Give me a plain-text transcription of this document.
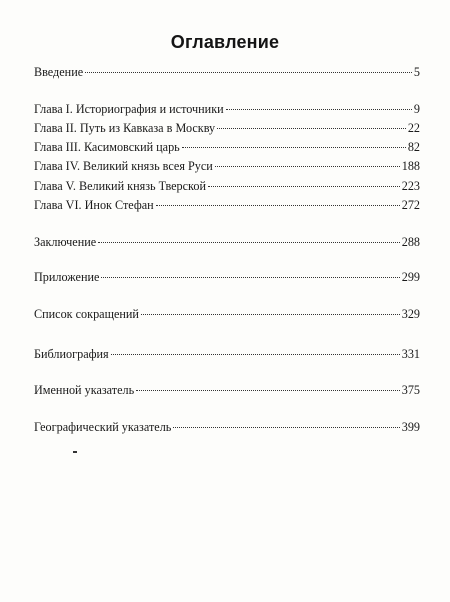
Оглавление
Введение	5
Глава I. Историография и источники	9
Глава II. Путь из Кавказа в Москву	22
Глава III. Касимовский царь	82
Глава IV. Великий князь всея Руси	188
Глава V. Великий князь Тверской	223
Глава VI. Инок Стефан	272
Заключение	288
Приложение	299
Список сокращений	329
Библиография	331
Именной указатель	375
Географический указатель	399
